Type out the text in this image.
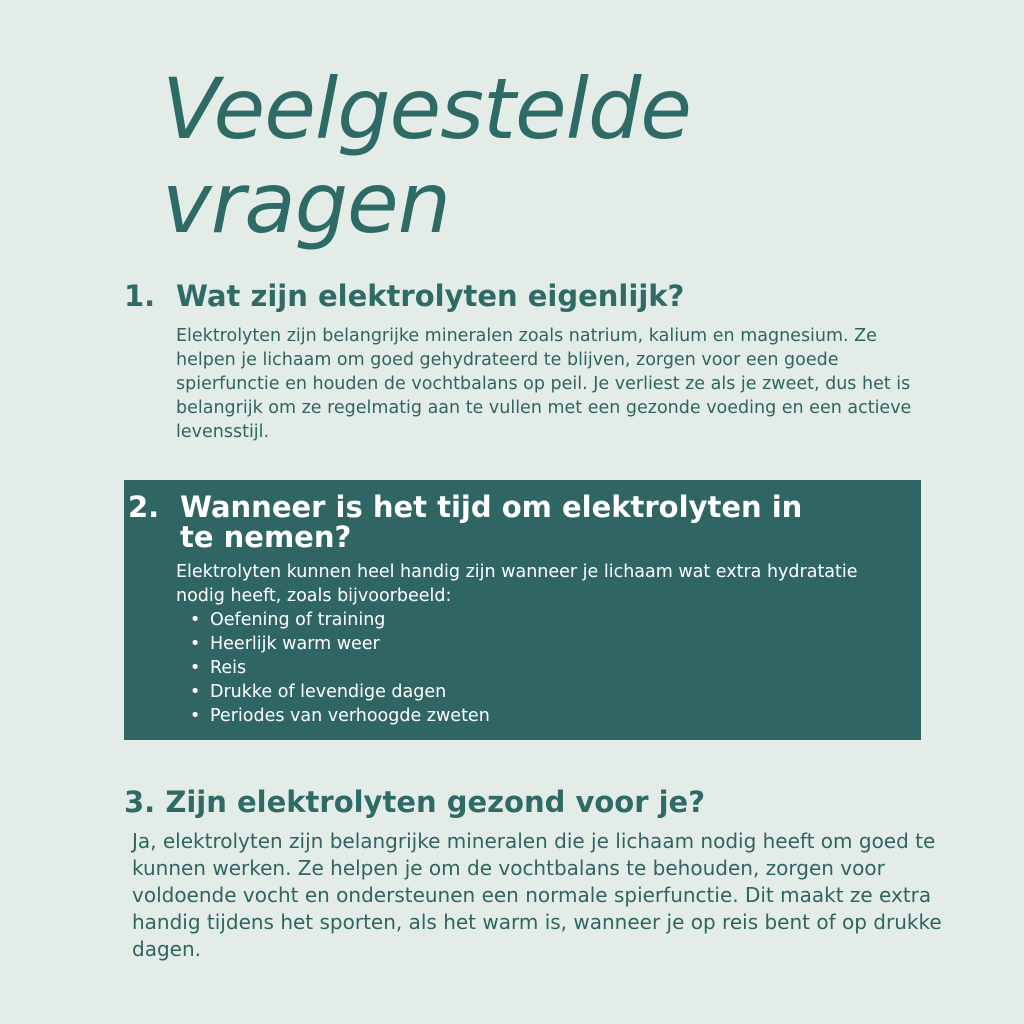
Veelgestelde
vragen
1. Wat zijn elektrolyten eigenlijk?

Elektrolyten zijn belangrijke mineralen zoals natrium, kalium en magnesium. Ze helpen je lichaam om goed gehydrateerd te blijven, zorgen voor een goede spierfunctie en houden de vochtbalans op peil. Je verliest ze als je zweet, dus het is belangrijk om ze regelmatig aan te vullen met een gezonde voeding en een actieve levensstijl.

2. Wanneer is het tijd om elektrolyten in te nemen?
Elektrolyten kunnen heel handig zijn wanneer je lichaam wat extra hydratatie nodig heeft, zoals bijvoorbeeld:
• Oefening of training
• Heerlijk warm weer
• Reis
• Drukke of levendige dagen
• Periodes van verhoogde zweten
3.
Zijn elektrolyten gezond voor je?

Ja, elektrolyten zijn belangrijke mineralen die je lichaam nodig heeft om goed te kunnen werken. Ze helpen je om de vochtbalans te behouden, zorgen voor voldoende vocht en ondersteunen een normale spierfunctie. Dit maakt ze extra handig tijdens het sporten, als het warm is, wanneer je op reis bent of op drukke dagen.
